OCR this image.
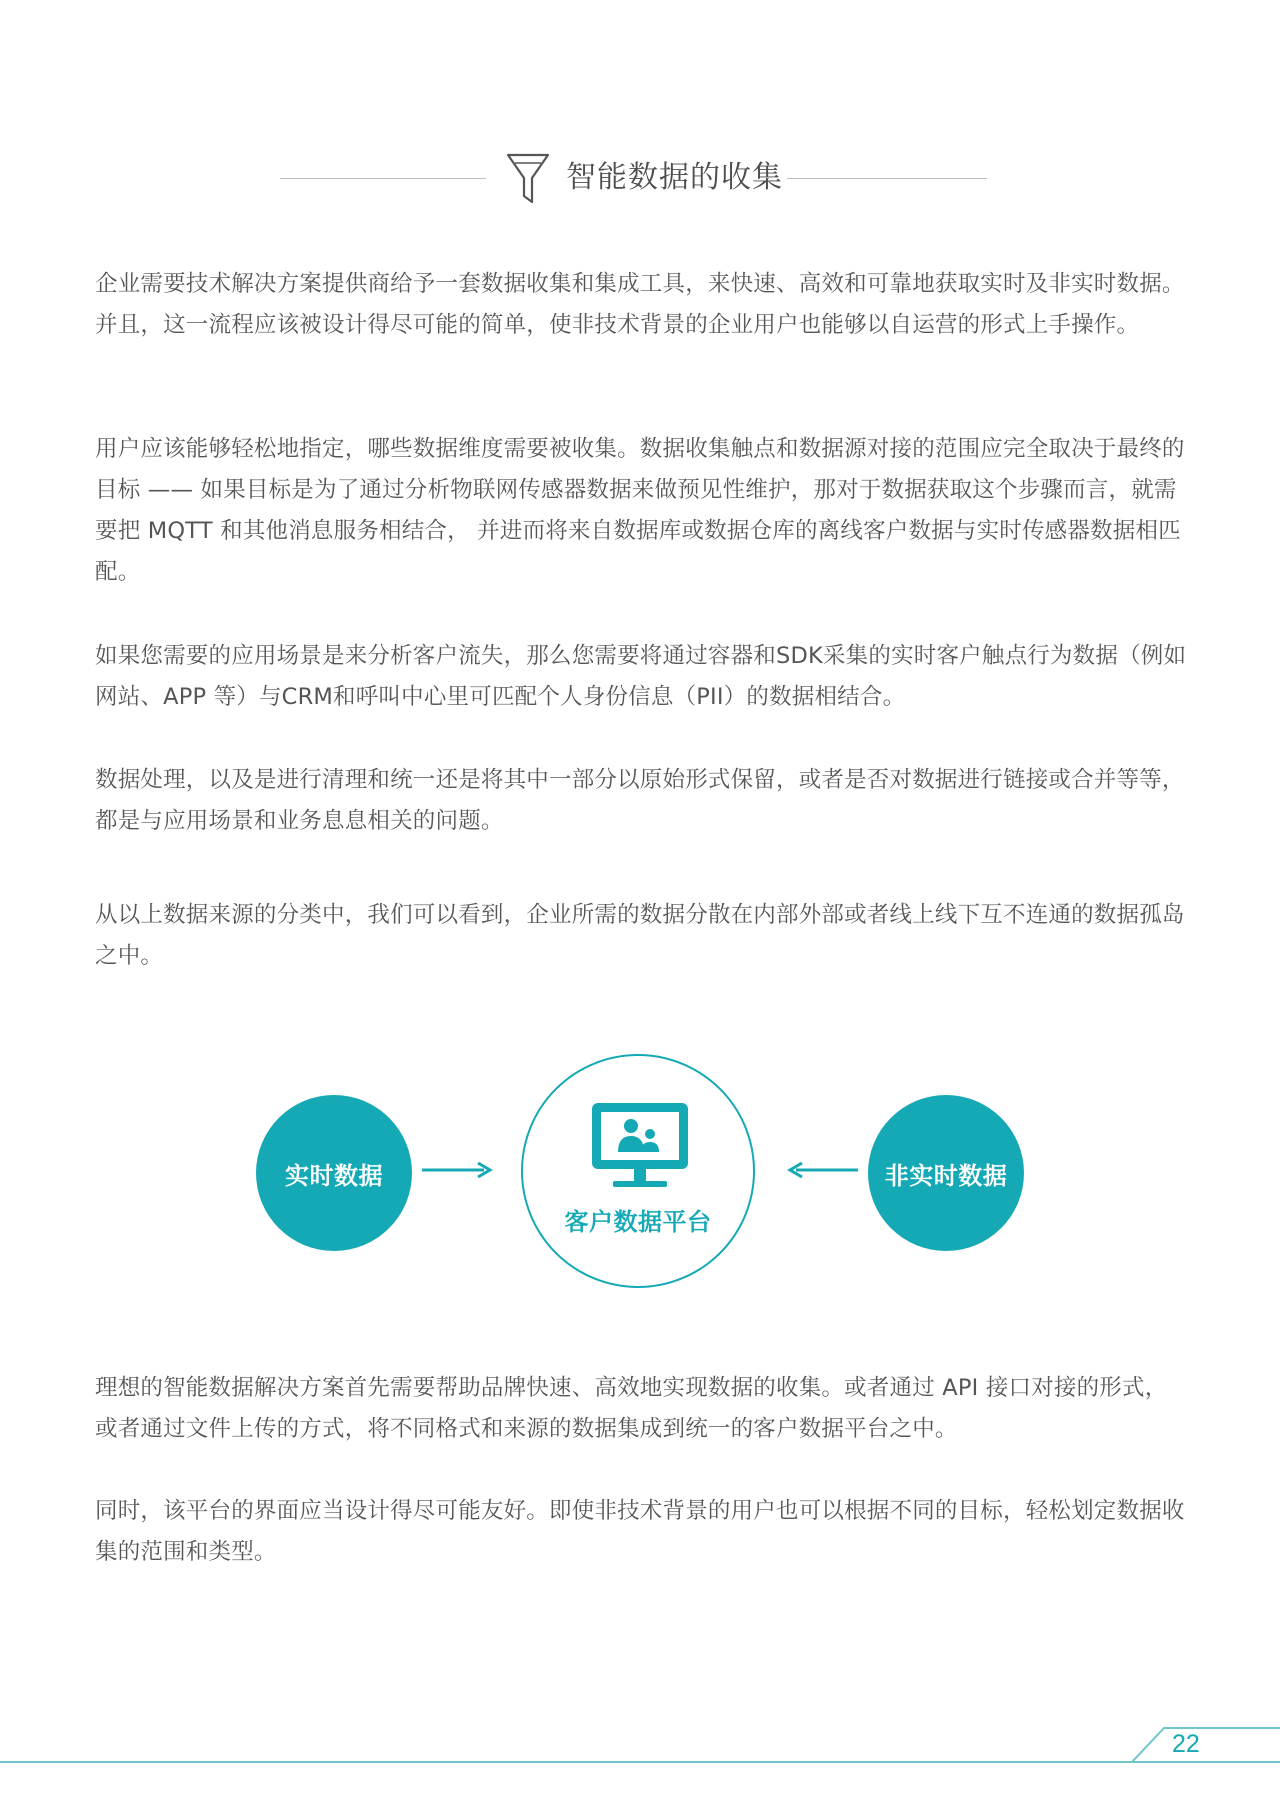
智能数据的收集

企业需要技术解决方案提供商给予一套数据收集和集成工具，来快速、高效和可靠地获取实时及非实时数据。并且，这一流程应该被设计得尽可能的简单，使非技术背景的企业用户也能够以自运营的形式上手操作。

用户应该能够轻松地指定，哪些数据维度需要被收集。数据收集触点和数据源对接的范围应完全取决于最终的目标 —— 如果目标是为了通过分析物联网传感器数据来做预见性维护，那对于数据获取这个步骤而言，就需要把 MQTT 和其他消息服务相结合， 并进而将来自数据库或数据仓库的离线客户数据与实时传感器数据相匹配。

如果您需要的应用场景是来分析客户流失，那么您需要将通过容器和SDK采集的实时客户触点行为数据（例如网站、APP 等）与CRM和呼叫中心里可匹配个人身份信息（PII）的数据相结合。

数据处理，以及是进行清理和统一还是将其中一部分以原始形式保留，或者是否对数据进行链接或合并等等，都是与应用场景和业务息息相关的问题。

从以上数据来源的分类中，我们可以看到，企业所需的数据分散在内部外部或者线上线下互不连通的数据孤岛之中。

实时数据
客户数据平台
非实时数据

理想的智能数据解决方案首先需要帮助品牌快速、高效地实现数据的收集。或者通过 API 接口对接的形式，或者通过文件上传的方式，将不同格式和来源的数据集成到统一的客户数据平台之中。

同时，该平台的界面应当设计得尽可能友好。即使非技术背景的用户也可以根据不同的目标，轻松划定数据收集的范围和类型。

22
